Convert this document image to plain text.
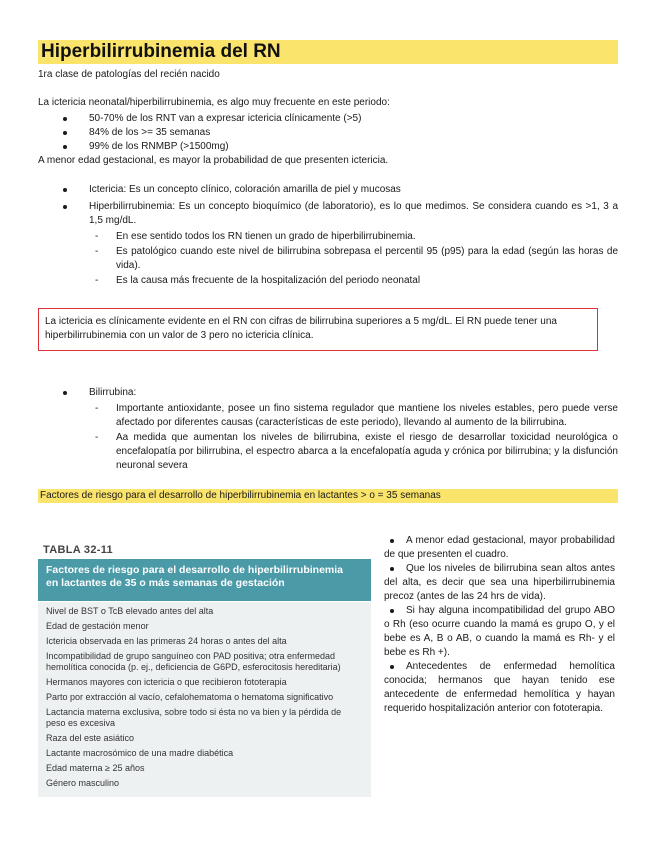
Hiperbilirrubinemia del RN

1ra clase de patologías del recién nacido

La ictericia neonatal/hiperbilirrubinemia, es algo muy frecuente en este periodo:

50-70% de los RNT van a expresar ictericia clínicamente (>5)
84% de los >= 35 semanas
99% de los RNMBP (>1500mg)

A menor edad gestacional, es mayor la probabilidad de que presenten ictericia.

Ictericia: Es un concepto clínico, coloración amarilla de piel y mucosas
Hiperbilirrubinemia: Es un concepto bioquímico (de laboratorio), es lo que medimos. Se considera cuando es >1, 3 a 1,5 mg/dL.
- En ese sentido todos los RN tienen un grado de hiperbilirrubinemia.
- Es patológico cuando este nivel de bilirrubina sobrepasa el percentil 95 (p95) para la edad (según las horas de vida).
- Es la causa más frecuente de la hospitalización del periodo neonatal

La ictericia es clínicamente evidente en el RN con cifras de bilirrubina superiores a 5 mg/dL. El RN puede tener una hiperbilirrubinemia con un valor de 3 pero no ictericia clínica.

Bilirrubina:
- Importante antioxidante, posee un fino sistema regulador que mantiene los niveles estables, pero puede verse afectado por diferentes causas (características de este periodo), llevando al aumento de la bilirrubina.
- Aa medida que aumentan los niveles de bilirrubina, existe el riesgo de desarrollar toxicidad neurológica o encefalopatía por bilirrubina, el espectro abarca a la encefalopatía aguda y crónica por bilirrubina; y la disfunción neuronal severa
Factores de riesgo para el desarrollo de hiperbilirrubinemia en lactantes > o = 35 semanas
TABLA 32-11
Factores de riesgo para el desarrollo de hiperbilirrubinemia
en lactantes de 35 o más semanas de gestación
Nivel de BST o TcB elevado antes del alta
Edad de gestación menor
Ictericia observada en las primeras 24 horas o antes del alta
Incompatibilidad de grupo sanguíneo con PAD positiva; otra enfermedad
hemolítica conocida (p. ej., deficiencia de G6PD, esferocitosis hereditaria)
Hermanos mayores con ictericia o que recibieron fototerapia
Parto por extracción al vacío, cefalohematoma o hematoma significativo
Lactancia materna exclusiva, sobre todo si ésta no va bien y la pérdida de
peso es excesiva
Raza del este asiático
Lactante macrosómico de una madre diabética
Edad materna ≥ 25 años
Género masculino
A menor edad gestacional, mayor probabilidad de que presenten el cuadro.
Que los niveles de bilirrubina sean altos antes del alta, es decir que sea una hiperbilirrubinemia precoz (antes de las 24 hrs de vida).
Si hay alguna incompatibilidad del grupo ABO o Rh (eso ocurre cuando la mamá es grupo O, y el bebe es A, B o AB, o cuando la mamá es Rh- y el bebe es Rh +).
Antecedentes de enfermedad hemolítica conocida; hermanos que hayan tenido ese antecedente de enfermedad hemolítica y hayan requerido hospitalización anterior con fototerapia.
